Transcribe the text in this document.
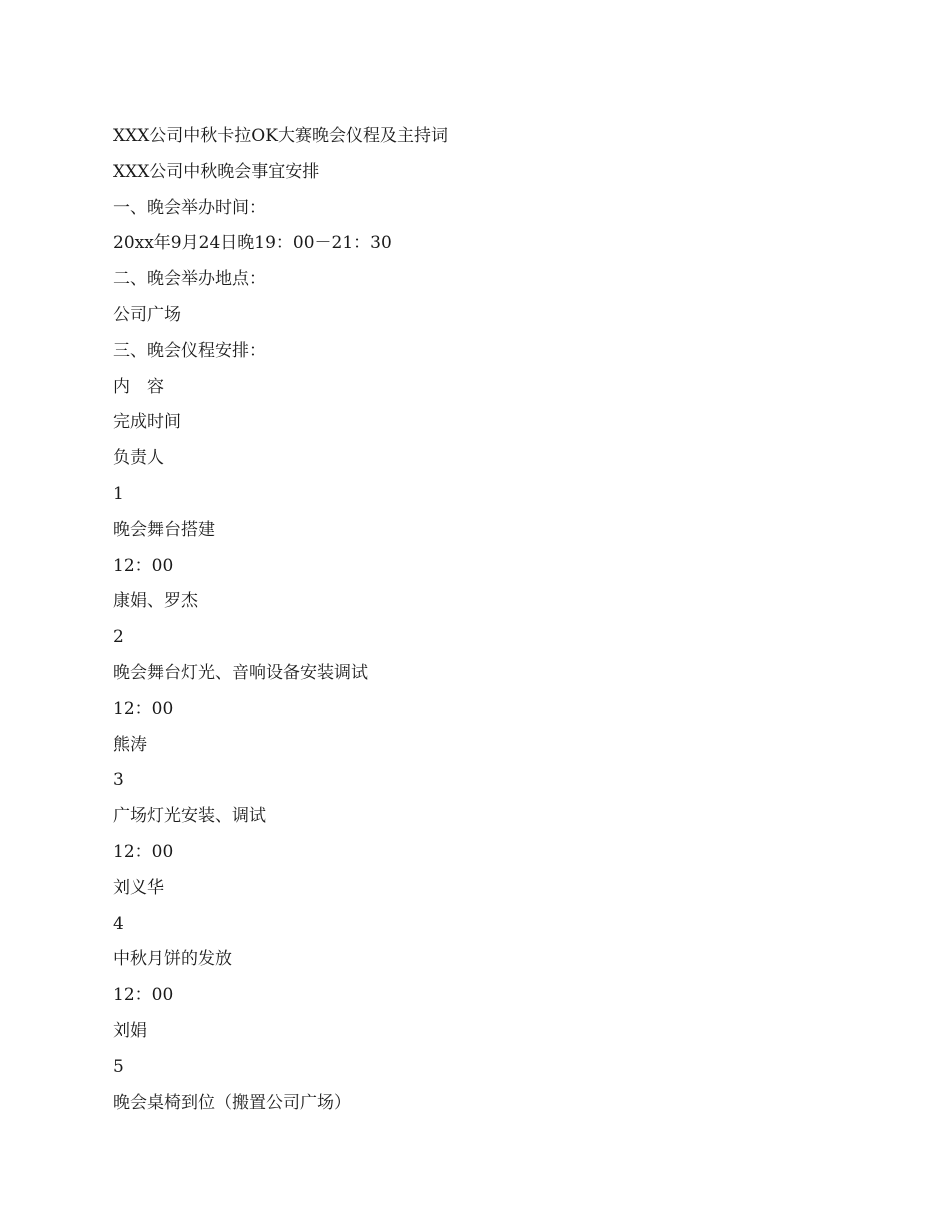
XXX公司中秋卡拉OK大赛晚会仪程及主持词
XXX公司中秋晚会事宜安排
一、晚会举办时间：
20xx年9月24日晚19：00－21：30
二、晚会举办地点：
公司广场
三、晚会仪程安排：
内　容
完成时间
负责人
1
晚会舞台搭建
12：00
康娟、罗杰
2
晚会舞台灯光、音响设备安装调试
12：00
熊涛
3
广场灯光安装、调试
12：00
刘义华
4
中秋月饼的发放
12：00
刘娟
5
晚会桌椅到位（搬置公司广场）
